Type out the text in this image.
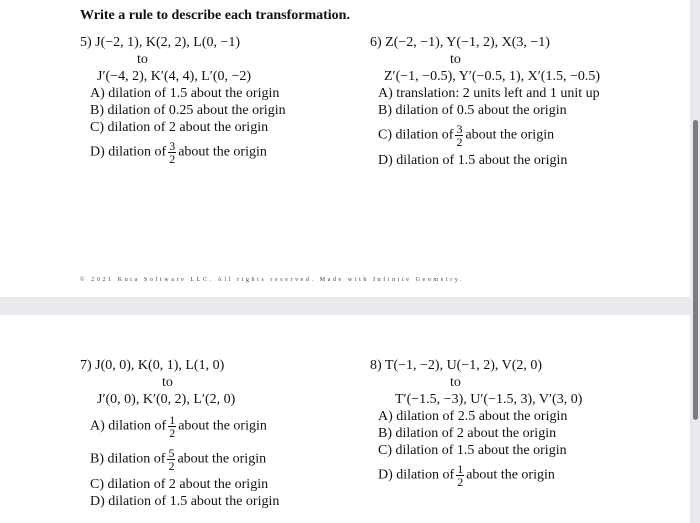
Write a rule to describe each transformation.
5) J(−2, 1), K(2, 2), L(0, −1)
to
J′(−4, 2), K′(4, 4), L′(0, −2)
A) dilation of 1.5 about the origin
B) dilation of 0.25 about the origin
C) dilation of 2 about the origin
D) dilation of $\frac{3}{2}$ about the origin
6) Z(−2, −1), Y(−1, 2), X(3, −1)
to
Z′(−1, −0.5), Y′(−0.5, 1), X′(1.5, −0.5)
A) translation: 2 units left and 1 unit up
B) dilation of 0.5 about the origin
C) dilation of $\frac{3}{2}$ about the origin
D) dilation of 1.5 about the origin
© 2021 Kuta Software LLC. All rights reserved. Made with Infinite Geometry.
7) J(0, 0), K(0, 1), L(1, 0)
to
J′(0, 0), K′(0, 2), L′(2, 0)
A) dilation of $\frac{1}{2}$ about the origin
B) dilation of $\frac{5}{2}$ about the origin
C) dilation of 2 about the origin
D) dilation of 1.5 about the origin
8) T(−1, −2), U(−1, 2), V(2, 0)
to
T′(−1.5, −3), U′(−1.5, 3), V′(3, 0)
A) dilation of 2.5 about the origin
B) dilation of 2 about the origin
C) dilation of 1.5 about the origin
D) dilation of $\frac{1}{2}$ about the origin
